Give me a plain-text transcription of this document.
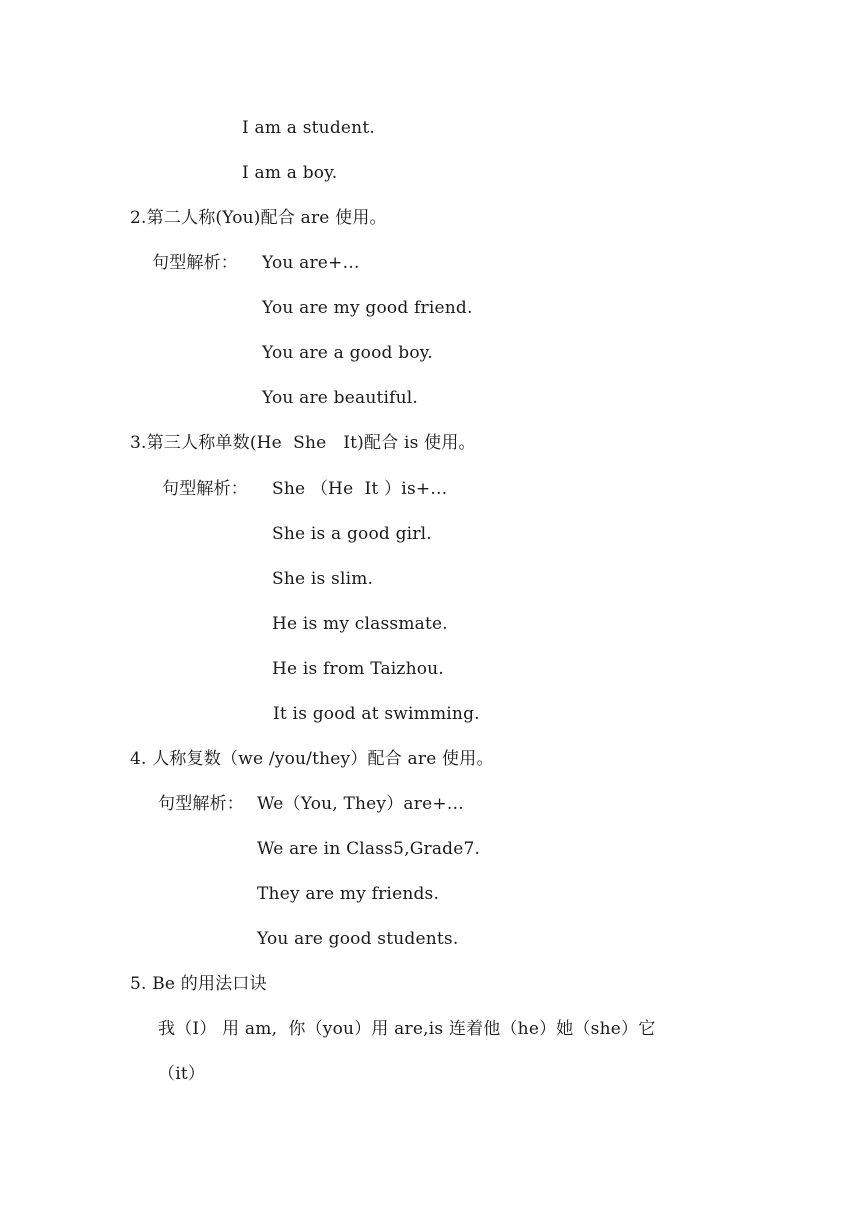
I am a student.
I am a boy.
2.第二人称(You)配合 are 使用。
句型解析： You are+…
You are my good friend.
You are a good boy.
You are beautiful.
3.第三人称单数(He  She   It)配合 is 使用。
句型解析： She （He  It ）is+…
She is a good girl.
She is slim.
He is my classmate.
He is from Taizhou.
It is good at swimming.
4. 人称复数（we /you/they）配合 are 使用。
句型解析： We（You, They）are+…
We are in Class5,Grade7.
They are my friends.
You are good students.
5. Be 的用法口诀
我（I） 用 am,  你（you）用 are,is 连着他（he）她（she）它
（it）
